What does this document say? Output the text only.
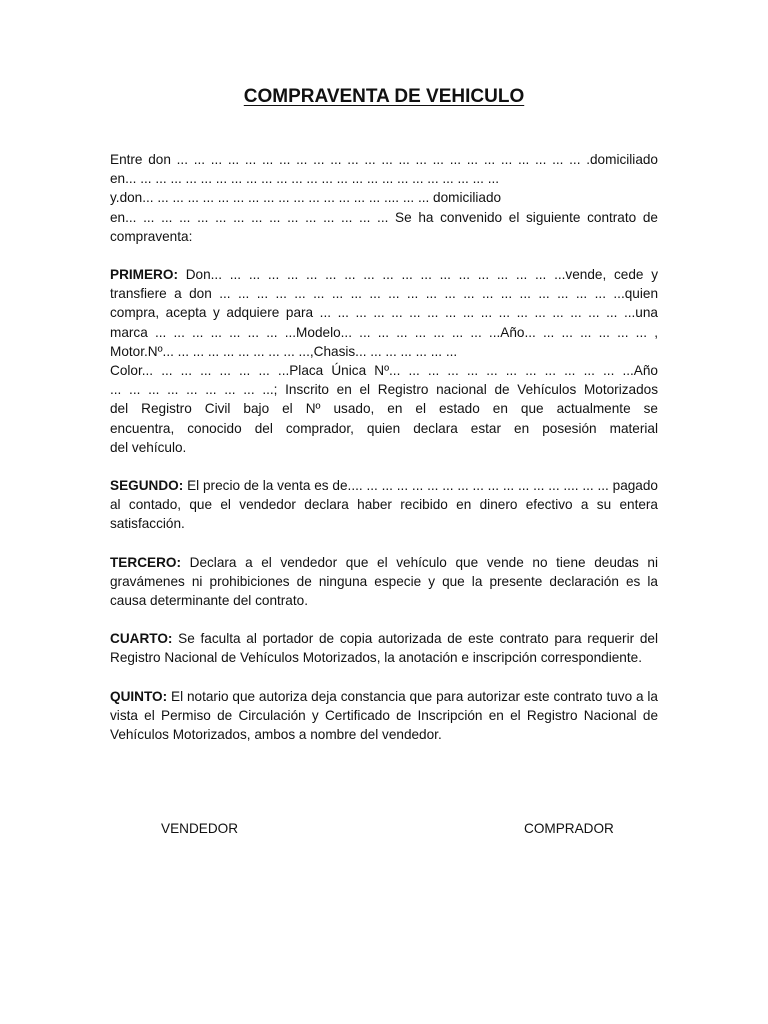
COMPRAVENTA DE VEHICULO
Entre don ... ... ... ... ... ... ... ... ... ... ... ... ... ... ... ... ... ... ... ... ... ... ... ... .domiciliado
en... ... ... ... ... ... ... ... ... ... ... ... ... ... ... ... ... ... ... ... ... ... ... ... ...
y.don... ... ... ... ... ... ... ... ... ... ... ... ... ... ... ... .... ... ... domiciliado
en... ... ... ... ... ... ... ... ... ... ... ... ... ... ... Se ha convenido el siguiente contrato de
compraventa:
PRIMERO: Don... ... ... ... ... ... ... ... ... ... ... ... ... ... ... ... ... ... ...vende, cede y
transfiere a don ... ... ... ... ... ... ... ... ... ... ... ... ... ... ... ... ... ... ... ... ... ...quien
compra, acepta y adquiere para ... ... ... ... ... ... ... ... ... ... ... ... ... ... ... ... ... ...una
marca ... ... ... ... ... ... ... ...Modelo... ... ... ... ... ... ... ... ...Año... ... ... ... ... ... ... ,
Motor.Nº... ... ... ... ... ... ... ... ... ...,Chasis... ... ... ... ... ... ...
Color... ... ... ... ... ... ... ...Placa Única Nº... ... ... ... ... ... ... ... ... ... ... ... ...Año
... ... ... ... ... ... ... ... ...; Inscrito en el Registro nacional de Vehículos Motorizados
del Registro Civil bajo el Nº usado, en el estado en que actualmente se
encuentra, conocido del comprador, quien declara estar en posesión material
del vehículo.
SEGUNDO: El precio de la venta es de.... ... ... ... ... ... ... ... ... ... ... ... ... ... .... ... ... pagado al contado, que el vendedor declara haber recibido en dinero efectivo a su entera satisfacción.
TERCERO: Declara a el vendedor que el vehículo que vende no tiene deudas ni gravámenes ni prohibiciones de ninguna especie y que la presente declaración es la causa determinante del contrato.
CUARTO: Se faculta al portador de copia autorizada de este contrato para requerir del Registro Nacional de Vehículos Motorizados, la anotación e inscripción correspondiente.
QUINTO: El notario que autoriza deja constancia que para autorizar este contrato tuvo a la vista el Permiso de Circulación y Certificado de Inscripción en el Registro Nacional de Vehículos Motorizados, ambos a nombre del vendedor.
VENDEDOR	COMPRADOR
